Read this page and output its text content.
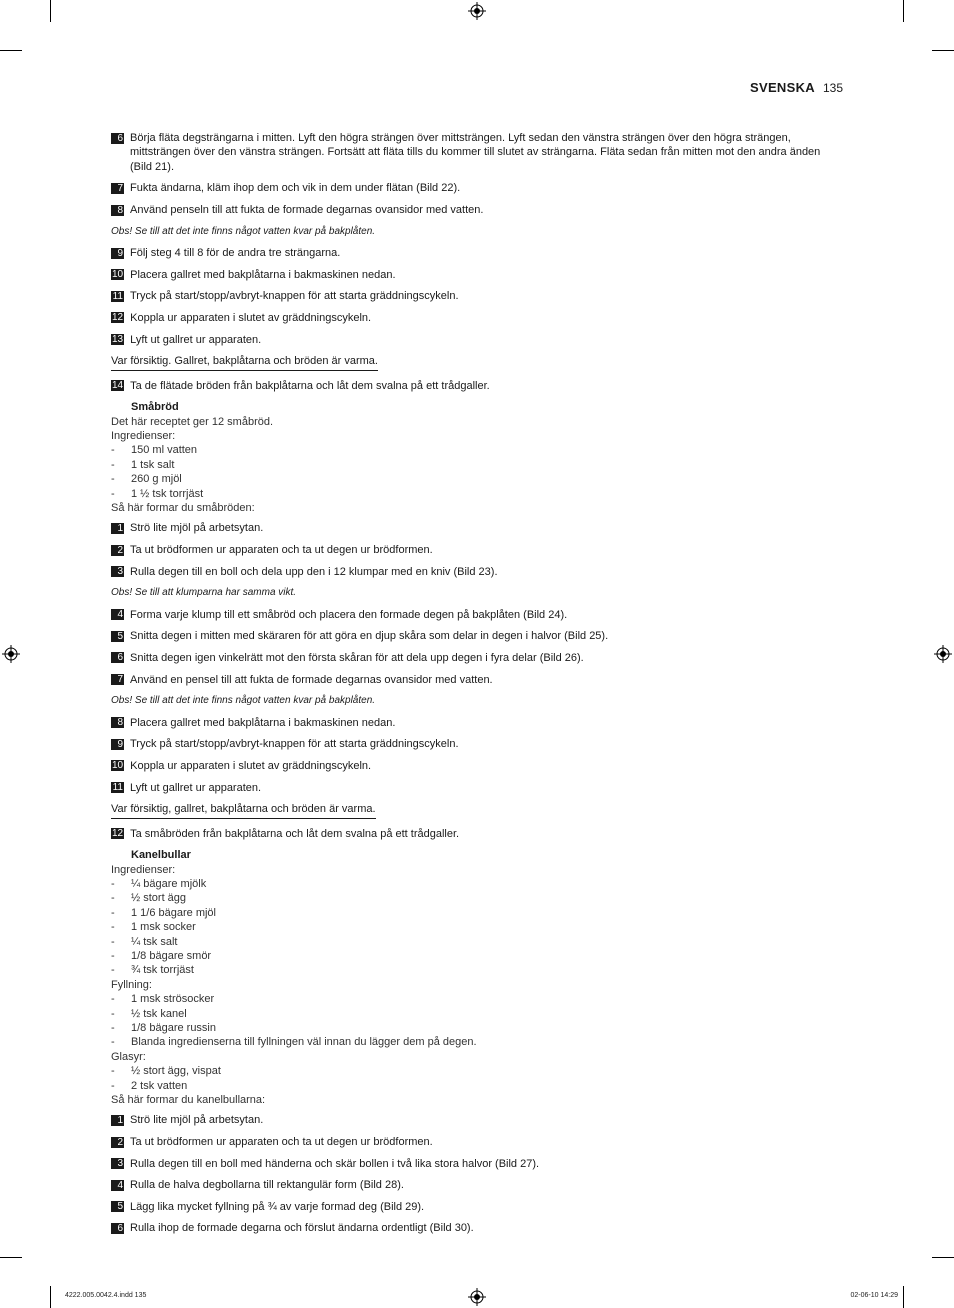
SVENSKA 135
6 Börja fläta degsträngarna i mitten. Lyft den högra strängen över mittsträngen. Lyft sedan den vänstra strängen över den högra strängen, mittsträngen över den vänstra strängen. Fortsätt att fläta tills du kommer till slutet av strängarna. Fläta sedan från mitten mot den andra änden (Bild 21).
7 Fukta ändarna, kläm ihop dem och vik in dem under flätan (Bild 22).
8 Använd penseln till att fukta de formade degarnas ovansidor med vatten.
Obs! Se till att det inte finns något vatten kvar på bakplåten.
9 Följ steg 4 till 8 för de andra tre strängarna.
10 Placera gallret med bakplåtarna i bakmaskinen nedan.
11 Tryck på start/stopp/avbryt-knappen för att starta gräddningscykeln.
12 Koppla ur apparaten i slutet av gräddningscykeln.
13 Lyft ut gallret ur apparaten.
Var försiktig. Gallret, bakplåtarna och bröden är varma.
14 Ta de flätade bröden från bakplåtarna och låt dem svalna på ett trådgaller.
Småbröd
Det här receptet ger 12 småbröd.
Ingredienser:
-	150 ml vatten
-	1 tsk salt
-	260 g mjöl
-	1 ½ tsk torrjäst
Så här formar du småbröden:
1 Strö lite mjöl på arbetsytan.
2 Ta ut brödformen ur apparaten och ta ut degen ur brödformen.
3 Rulla degen till en boll och dela upp den i 12 klumpar med en kniv (Bild 23).
Obs! Se till att klumparna har samma vikt.
4 Forma varje klump till ett småbröd och placera den formade degen på bakplåten (Bild 24).
5 Snitta degen i mitten med skäraren för att göra en djup skåra som delar in degen i halvor (Bild 25).
6 Snitta degen igen vinkelrätt mot den första skåran för att dela upp degen i fyra delar (Bild 26).
7 Använd en pensel till att fukta de formade degarnas ovansidor med vatten.
Obs! Se till att det inte finns något vatten kvar på bakplåten.
8 Placera gallret med bakplåtarna i bakmaskinen nedan.
9 Tryck på start/stopp/avbryt-knappen för att starta gräddningscykeln.
10 Koppla ur apparaten i slutet av gräddningscykeln.
11 Lyft ut gallret ur apparaten.
Var försiktig, gallret, bakplåtarna och bröden är varma.
12 Ta småbröden från bakplåtarna och låt dem svalna på ett trådgaller.
Kanelbullar
Ingredienser:
-	¼ bägare mjölk
-	½ stort ägg
-	1 1/6 bägare mjöl
-	1 msk socker
-	¼ tsk salt
-	1/8 bägare smör
-	¾ tsk torrjäst
Fyllning:
-	1 msk strösocker
-	½ tsk kanel
-	1/8 bägare russin
-	Blanda ingredienserna till fyllningen väl innan du lägger dem på degen.
Glasyr:
-	½ stort ägg, vispat
-	2 tsk vatten
Så här formar du kanelbullarna:
1 Strö lite mjöl på arbetsytan.
2 Ta ut brödformen ur apparaten och ta ut degen ur brödformen.
3 Rulla degen till en boll med händerna och skär bollen i två lika stora halvor (Bild 27).
4 Rulla de halva degbollarna till rektangulär form (Bild 28).
5 Lägg lika mycket fyllning på ¾ av varje formad deg (Bild 29).
6 Rulla ihop de formade degarna och förslut ändarna ordentligt (Bild 30).
4222.005.0042.4.indd 135	02-06-10 14:29
